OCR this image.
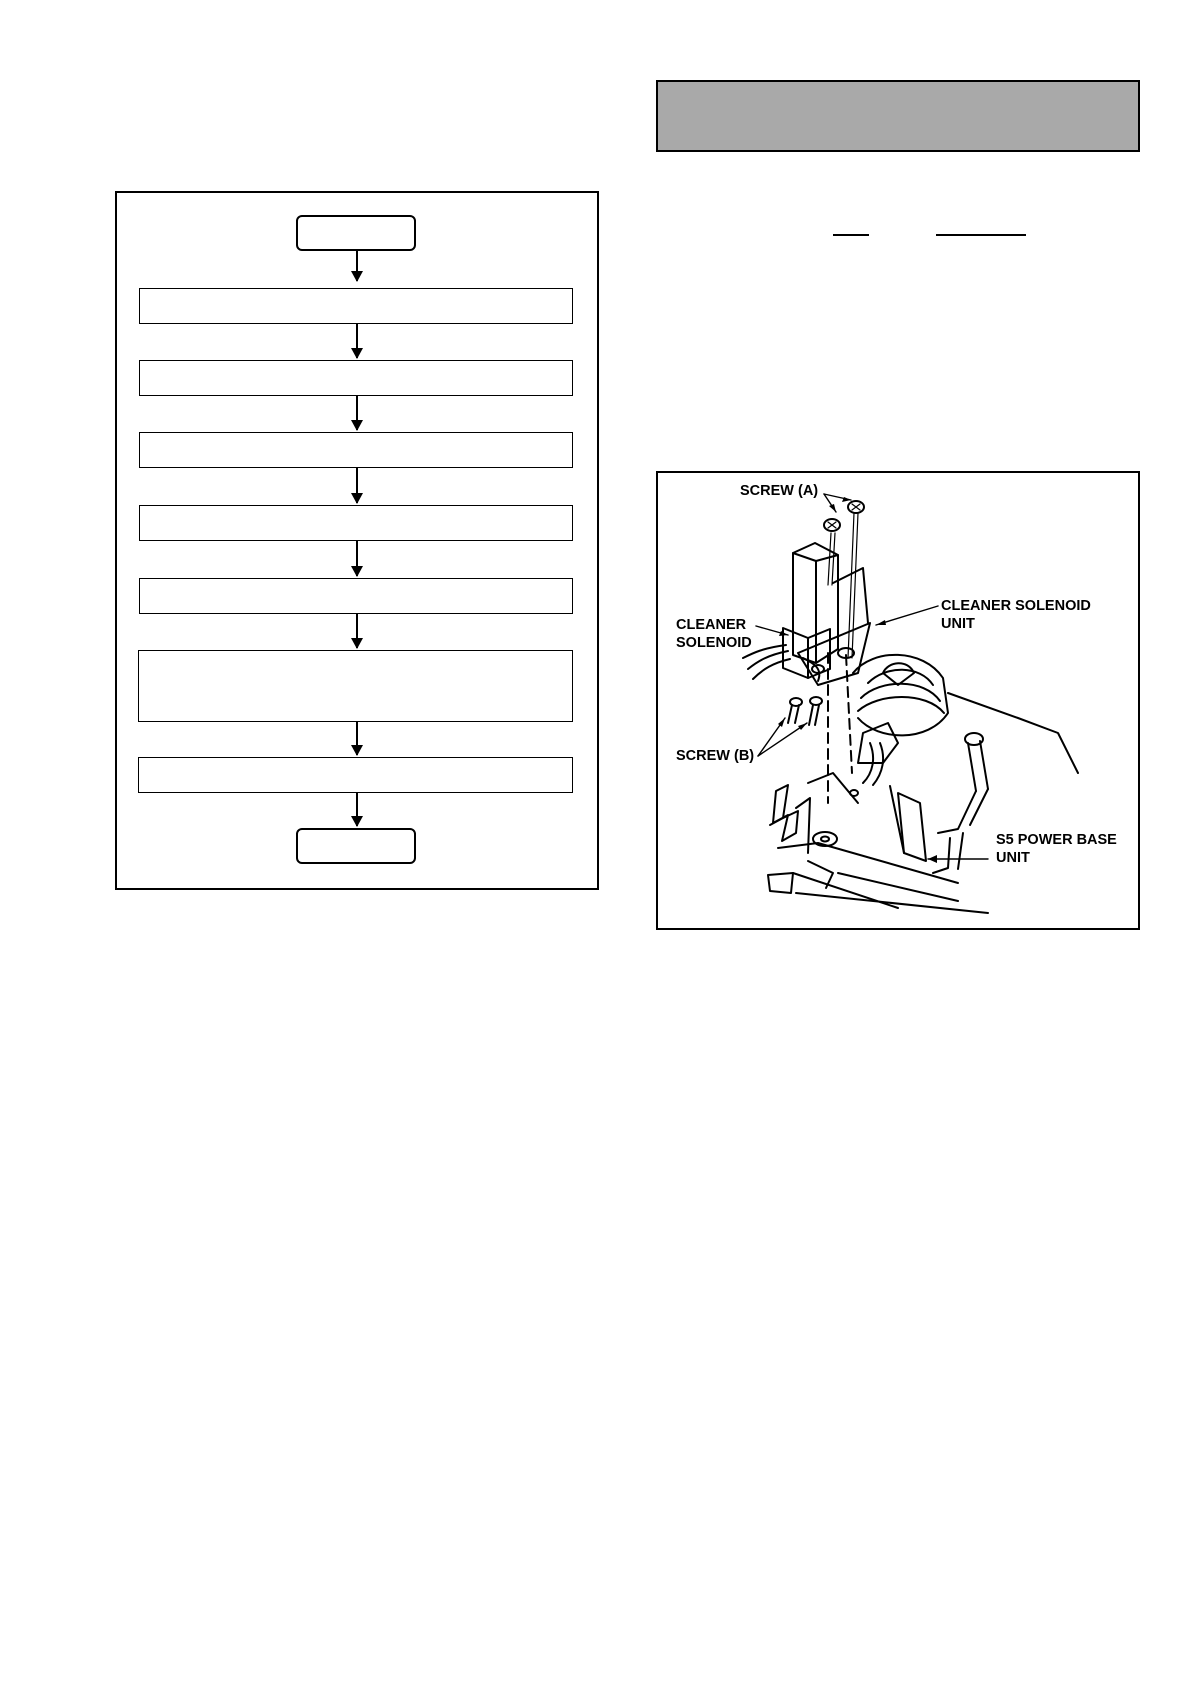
SCREW (A)
CLEANER
SOLENOID
CLEANER SOLENOID
UNIT
SCREW (B)
S5 POWER BASE
UNIT
